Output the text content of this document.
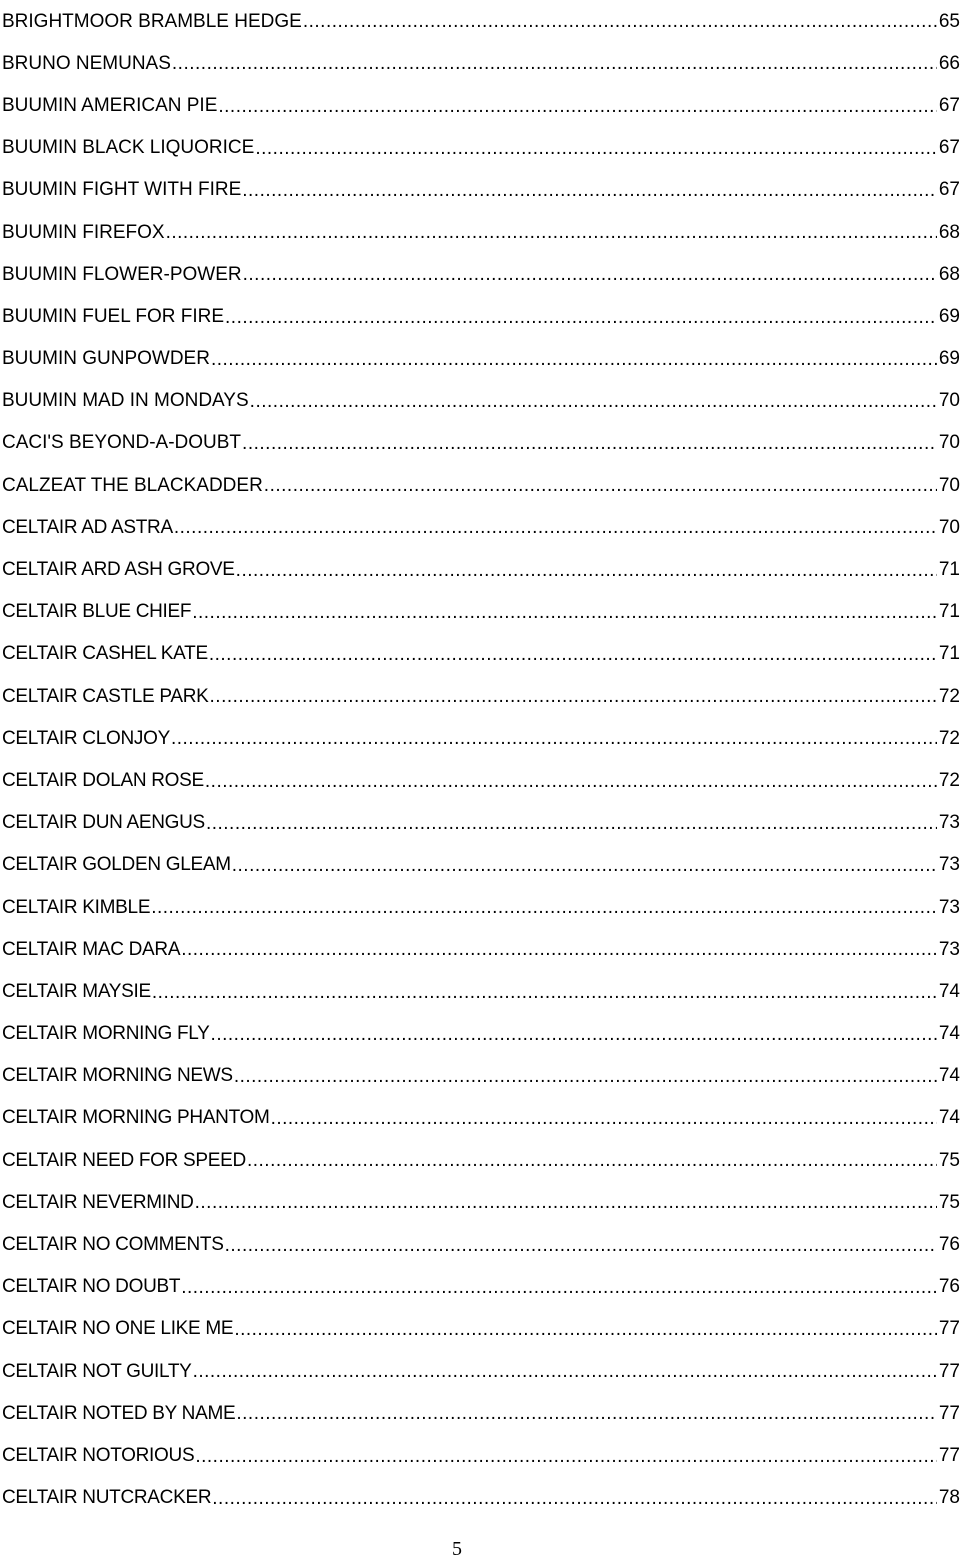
BRIGHTMOOR BRAMBLE HEDGE .....	65
BRUNO NEMUNAS .....	66
BUUMIN AMERICAN PIE .....	67
BUUMIN BLACK LIQUORICE .....	67
BUUMIN FIGHT WITH FIRE .....	67
BUUMIN FIREFOX .....	68
BUUMIN FLOWER-POWER .....	68
BUUMIN FUEL FOR FIRE .....	69
BUUMIN GUNPOWDER .....	69
BUUMIN MAD IN MONDAYS .....	70
CACI'S BEYOND-A-DOUBT .....	70
CALZEAT THE BLACKADDER .....	70
CELTAIR AD ASTRA .....	70
CELTAIR ARD ASH GROVE .....	71
CELTAIR BLUE CHIEF .....	71
CELTAIR CASHEL KATE .....	71
CELTAIR CASTLE PARK .....	72
CELTAIR CLONJOY .....	72
CELTAIR DOLAN ROSE .....	72
CELTAIR DUN AENGUS .....	73
CELTAIR GOLDEN GLEAM .....	73
CELTAIR KIMBLE .....	73
CELTAIR MAC DARA .....	73
CELTAIR MAYSIE .....	74
CELTAIR MORNING FLY .....	74
CELTAIR MORNING NEWS .....	74
CELTAIR MORNING PHANTOM .....	74
CELTAIR NEED FOR SPEED .....	75
CELTAIR NEVERMIND .....	75
CELTAIR NO COMMENTS .....	76
CELTAIR NO DOUBT .....	76
CELTAIR NO ONE LIKE ME .....	77
CELTAIR NOT GUILTY .....	77
CELTAIR NOTED BY NAME .....	77
CELTAIR NOTORIOUS .....	77
CELTAIR NUTCRACKER .....	78
5
